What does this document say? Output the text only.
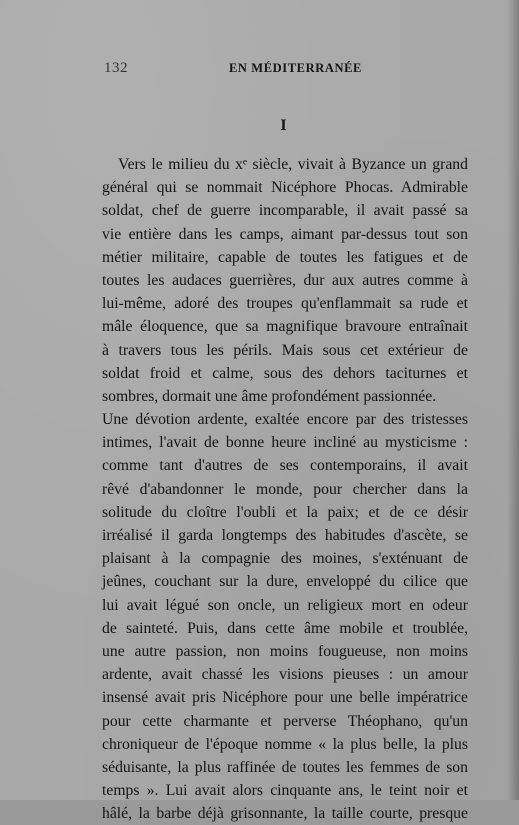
132	EN MÉDITERRANÉE
I
Vers le milieu du xᵉ siècle, vivait à Byzance un grand
général qui se nommait Nicéphore Phocas. Admirable
soldat, chef de guerre incomparable, il avait passé sa
vie entière dans les camps, aimant par-dessus tout son
métier militaire, capable de toutes les fatigues et de
toutes les audaces guerrières, dur aux autres comme à
lui-même, adoré des troupes qu'enflammait sa rude et
mâle éloquence, que sa magnifique bravoure entraînait
à travers tous les périls. Mais sous cet extérieur de
soldat froid et calme, sous des dehors taciturnes et
sombres, dormait une âme profondément passionnée.
Une dévotion ardente, exaltée encore par des tristesses
intimes, l'avait de bonne heure incliné au mysticisme :
comme tant d'autres de ses contemporains, il avait
rêvé d'abandonner le monde, pour chercher dans la
solitude du cloître l'oubli et la paix; et de ce désir
irréalisé il garda longtemps des habitudes d'ascète, se
plaisant à la compagnie des moines, s'exténuant de
jeûnes, couchant sur la dure, enveloppé du cilice que
lui avait légué son oncle, un religieux mort en odeur
de sainteté. Puis, dans cette âme mobile et troublée,
une autre passion, non moins fougueuse, non moins
ardente, avait chassé les visions pieuses : un amour
insensé avait pris Nicéphore pour une belle impératrice
pour cette charmante et perverse Théophano, qu'un
chroniqueur de l'époque nomme « la plus belle, la plus
séduisante, la plus raffinée de toutes les femmes de son
temps ». Lui avait alors cinquante ans, le teint noir et
hâlé, la barbe déjà grisonnante, la taille courte, presque
